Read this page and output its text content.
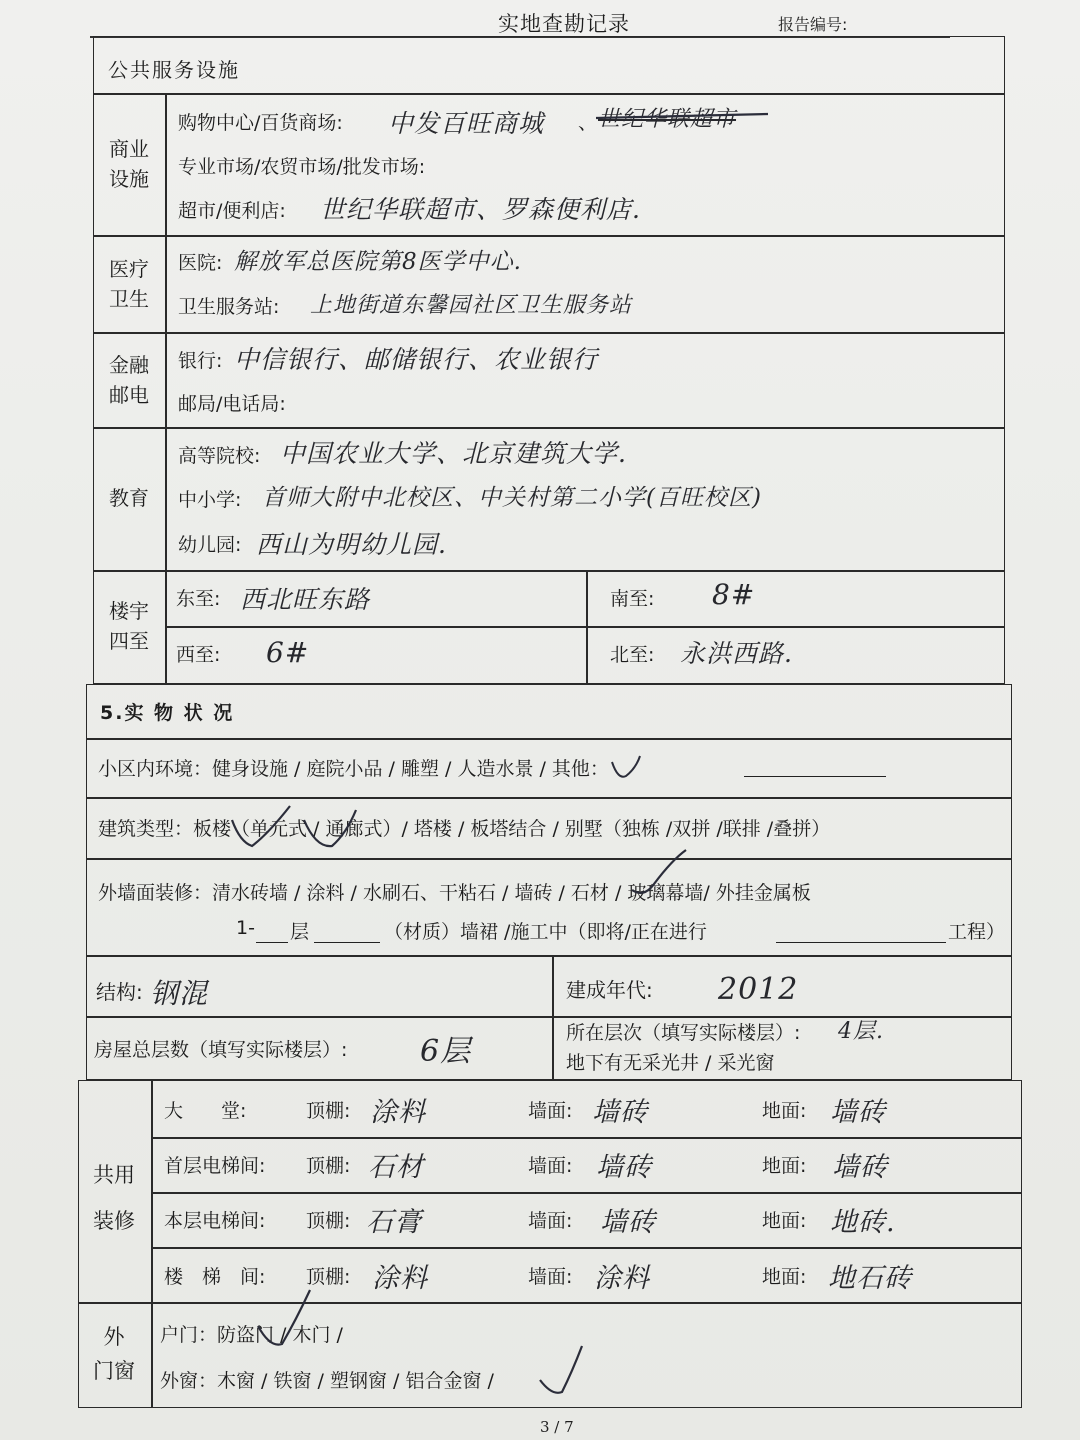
实地查勘记录	报告编号:
公共服务设施
商业
设施
购物中心/百货商场: 中发百旺商城 、 世纪华联超市
专业市场/农贸市场/批发市场:
超市/便利店: 世纪华联超市、罗森便利店.
医疗
卫生
医院: 解放军总医院第8医学中心.
卫生服务站: 上地街道东馨园社区卫生服务站
金融
邮电
银行: 中信银行、邮储银行、农业银行
邮局/电话局:
教育
高等院校: 中国农业大学、北京建筑大学.
中小学: 首师大附中北校区、中关村第二小学(百旺校区)
幼儿园: 西山为明幼儿园.
楼宇
四至
东至: 西北旺东路	南至: 8#
西至: 6#	北至: 永洪西路.
5.实 物 状 况
小区内环境：健身设施 / 庭院小品 / 雕塑 / 人造水景 / 其他：
建筑类型：板楼（单元式 / 通廊式）/ 塔楼 / 板塔结合 / 别墅（独栋 /双拼 /联排 /叠拼）
外墙面装修：清水砖墙 / 涂料 / 水刷石、干粘石 / 墙砖 / 石材 / 玻璃幕墙/ 外挂金属板
1- 层	（材质）墙裙 /施工中（即将/正在进行	工程）
结构: 钢混	建成年代: 2012
房屋总层数（填写实际楼层）: 6层
所在层次（填写实际楼层）: 4层.
地下有无采光井 / 采光窗
共用
装修
大　　堂:	顶棚: 涂料	墙面: 墙砖	地面: 墙砖
首层电梯间: 顶棚: 石材	墙面: 墙砖	地面: 墙砖
本层电梯间: 顶棚: 石膏	墙面: 墙砖	地面: 地砖.
楼　梯　间: 顶棚: 涂料	墙面: 涂料	地面: 地石砖
外
门窗
户门：防盗门 / 木门 /
外窗：木窗 / 铁窗 / 塑钢窗 / 铝合金窗 /
3 / 7
